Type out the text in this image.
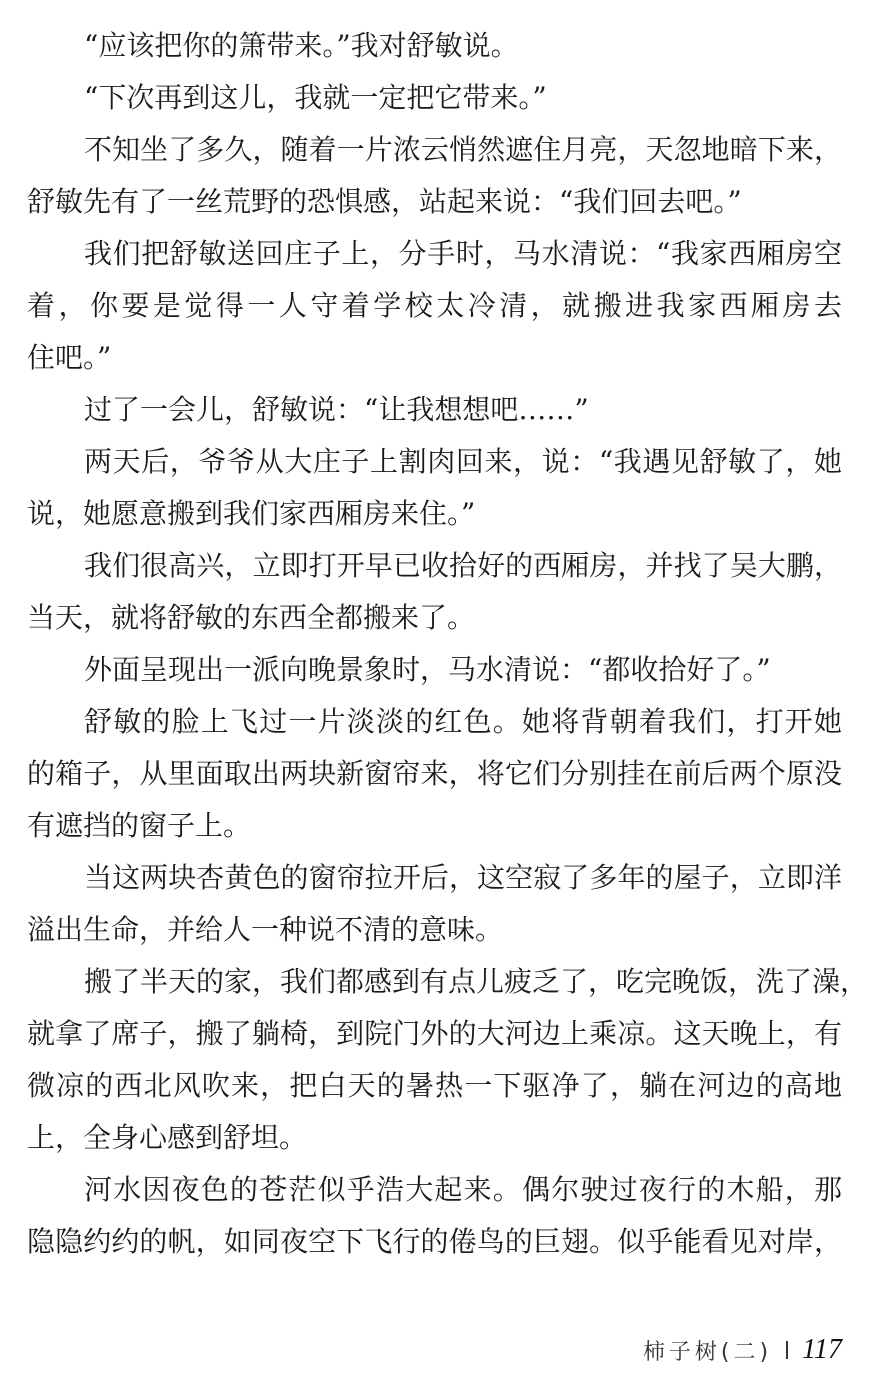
“应该把你的箫带来。”我对舒敏说。
“下次再到这儿，我就一定把它带来。”
不知坐了多久，随着一片浓云悄然遮住月亮，天忽地暗下来，
舒敏先有了一丝荒野的恐惧感，站起来说：“我们回去吧。”
我们把舒敏送回庄子上，分手时，马水清说：“我家西厢房空
着，你要是觉得一人守着学校太冷清，就搬进我家西厢房去
住吧。”
过了一会儿，舒敏说：“让我想想吧……”
两天后，爷爷从大庄子上割肉回来，说：“我遇见舒敏了，她
说，她愿意搬到我们家西厢房来住。”
我们很高兴，立即打开早已收拾好的西厢房，并找了吴大鹏，
当天，就将舒敏的东西全都搬来了。
外面呈现出一派向晚景象时，马水清说：“都收拾好了。”
舒敏的脸上飞过一片淡淡的红色。她将背朝着我们，打开她
的箱子，从里面取出两块新窗帘来，将它们分别挂在前后两个原没
有遮挡的窗子上。
当这两块杏黄色的窗帘拉开后，这空寂了多年的屋子，立即洋
溢出生命，并给人一种说不清的意味。
搬了半天的家，我们都感到有点儿疲乏了，吃完晚饭，洗了澡，
就拿了席子，搬了躺椅，到院门外的大河边上乘凉。这天晚上，有
微凉的西北风吹来，把白天的暑热一下驱净了，躺在河边的高地
上，全身心感到舒坦。
河水因夜色的苍茫似乎浩大起来。偶尔驶过夜行的木船，那
隐隐约约的帆，如同夜空下飞行的倦鸟的巨翅。似乎能看见对岸，
柿子树(二) 117
